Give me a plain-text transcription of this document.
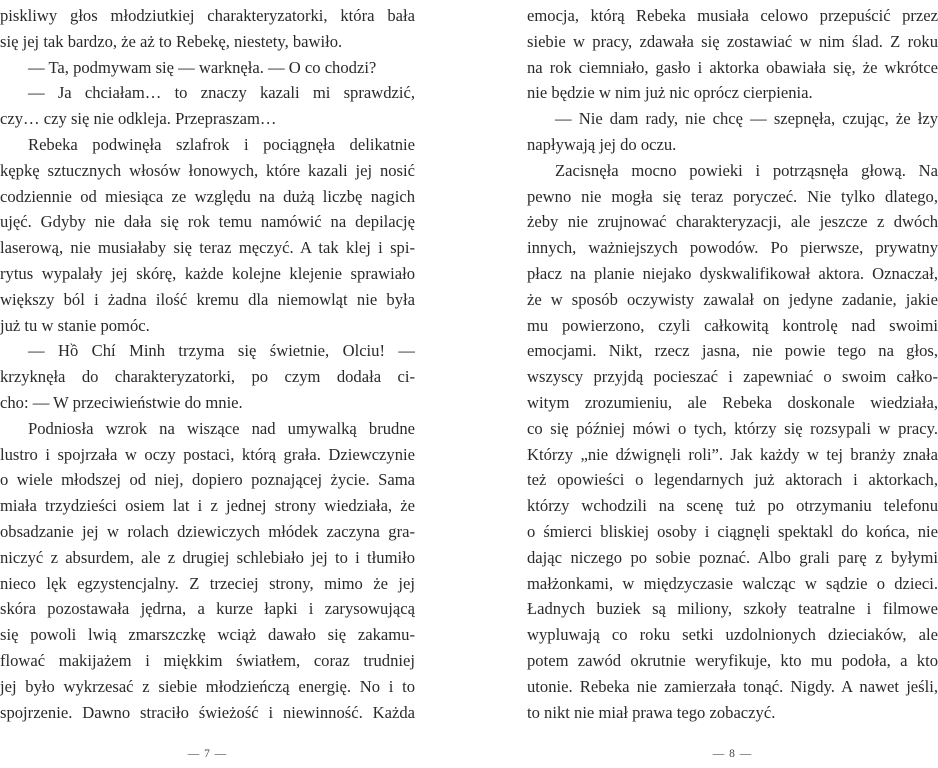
piskliwy głos młodziutkiej charakteryzatorki, która bała
się jej tak bardzo, że aż to Rebekę, niestety, bawiło.
— Ta, podmywam się — warknęła. — O co chodzi?
— Ja chciałam… to znaczy kazali mi sprawdzić,
czy… czy się nie odkleja. Przepraszam…
Rebeka podwinęła szlafrok i pociągnęła delikatnie
kępkę sztucznych włosów łonowych, które kazali jej nosić
codziennie od miesiąca ze względu na dużą liczbę nagich
ujęć. Gdyby nie dała się rok temu namówić na depilację
laserową, nie musiałaby się teraz męczyć. A tak klej i spi-
rytus wypalały jej skórę, każde kolejne klejenie sprawiało
większy ból i żadna ilość kremu dla niemowląt nie była
już tu w stanie pomóc.
— Hồ Chí Minh trzyma się świetnie, Olciu! —
krzyknęła do charakteryzatorki, po czym dodała ci-
cho: — W przeciwieństwie do mnie.
Podniosła wzrok na wiszące nad umywalką brudne
lustro i spojrzała w oczy postaci, którą grała. Dziewczynie
o wiele młodszej od niej, dopiero poznającej życie. Sama
miała trzydzieści osiem lat i z jednej strony wiedziała, że
obsadzanie jej w rolach dziewiczych młódek zaczyna gra-
niczyć z absurdem, ale z drugiej schlebiało jej to i tłumiło
nieco lęk egzystencjalny. Z trzeciej strony, mimo że jej
skóra pozostawała jędrna, a kurze łapki i zarysowującą
się powoli lwią zmarszczkę wciąż dawało się zakamu-
flować makijażem i miękkim światłem, coraz trudniej
jej było wykrzesać z siebie młodzieńczą energię. No i to
spojrzenie. Dawno straciło świeżość i niewinność. Każda
— 7 —
emocja, którą Rebeka musiała celowo przepuścić przez
siebie w pracy, zdawała się zostawiać w nim ślad. Z roku
na rok ciemniało, gasło i aktorka obawiała się, że wkrótce
nie będzie w nim już nic oprócz cierpienia.
— Nie dam rady, nie chcę — szepnęła, czując, że łzy
napływają jej do oczu.
Zacisnęła mocno powieki i potrząsnęła głową. Na
pewno nie mogła się teraz poryczeć. Nie tylko dlatego,
żeby nie zrujnować charakteryzacji, ale jeszcze z dwóch
innych, ważniejszych powodów. Po pierwsze, prywatny
płacz na planie niejako dyskwalifikował aktora. Oznaczał,
że w sposób oczywisty zawalał on jedyne zadanie, jakie
mu powierzono, czyli całkowitą kontrolę nad swoimi
emocjami. Nikt, rzecz jasna, nie powie tego na głos,
wszyscy przyjdą pocieszać i zapewniać o swoim całko-
witym zrozumieniu, ale Rebeka doskonale wiedziała,
co się później mówi o tych, którzy się rozsypali w pracy.
Którzy „nie dźwignęli roli”. Jak każdy w tej branży znała
też opowieści o legendarnych już aktorach i aktorkach,
którzy wchodzili na scenę tuż po otrzymaniu telefonu
o śmierci bliskiej osoby i ciągnęli spektakl do końca, nie
dając niczego po sobie poznać. Albo grali parę z byłymi
małżonkami, w międzyczasie walcząc w sądzie o dzieci.
Ładnych buziek są miliony, szkoły teatralne i filmowe
wypluwają co roku setki uzdolnionych dzieciaków, ale
potem zawód okrutnie weryfikuje, kto mu podoła, a kto
utonie. Rebeka nie zamierzała tonąć. Nigdy. A nawet jeśli,
to nikt nie miał prawa tego zobaczyć.
— 8 —
